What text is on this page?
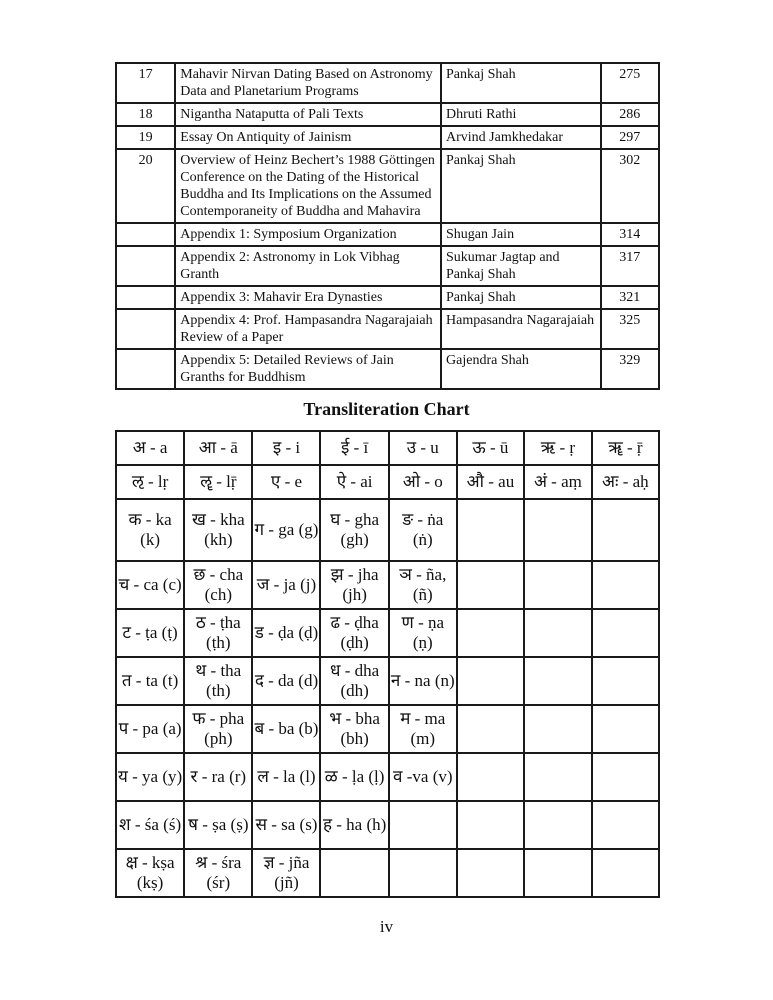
17	Mahavir Nirvan Dating Based on Astronomy Data and Planetarium Programs	Pankaj Shah	275
18	Nigantha Nataputta of Pali Texts	Dhruti Rathi	286
19	Essay On Antiquity of Jainism	Arvind Jamkhedakar	297
20	Overview of Heinz Bechert’s 1988 Göttingen Conference on the Dating of the Historical Buddha and Its Implications on the Assumed Contemporaneity of Buddha and Mahavira	Pankaj Shah	302
	Appendix 1: Symposium Organization	Shugan Jain	314
	Appendix 2: Astronomy in Lok Vibhag Granth	Sukumar Jagtap and Pankaj Shah	317
	Appendix 3: Mahavir Era Dynasties	Pankaj Shah	321
	Appendix 4: Prof. Hampasandra Nagarajaiah Review of a Paper	Hampasandra Nagarajaiah	325
	Appendix 5: Detailed Reviews of Jain Granths for Buddhism	Gajendra Shah	329
Transliteration Chart
अ - a	आ - ā	इ - i	ई - ī	उ - u	ऊ - ū	ऋ - ṛ	ॠ - ṝ
ऌ - lṛ	ॡ - lṝ	ए - e	ऐ - ai	ओ - o	औ - au	अं - aṃ	अः - aḥ
क - ka (k)	ख - kha (kh)	ग - ga (g)	घ - gha (gh)	ङ - ṅa (ṅ)			
च - ca (c)	छ - cha (ch)	ज - ja (j)	झ - jha (jh)	ञ - ña, (ñ)			
ट - ṭa (ṭ)	ठ - ṭha (ṭh)	ड - ḍa (ḍ)	ढ - ḍha (ḍh)	ण - ṇa (ṇ)			
त - ta (t)	थ - tha (th)	द - da (d)	ध - dha (dh)	न - na (n)			
प - pa (a)	फ - pha (ph)	ब - ba (b)	भ - bha (bh)	म - ma (m)			
य - ya (y)	र - ra (r)	ल - la (l)	ळ - ḷa (ḷ)	व -va (v)			
श - śa (ś)	ष - ṣa (ṣ)	स - sa (s)	ह - ha (h)				
क्ष - kṣa (kṣ)	श्र - śra (śr)	ज्ञ - jña (jñ)					
iv
